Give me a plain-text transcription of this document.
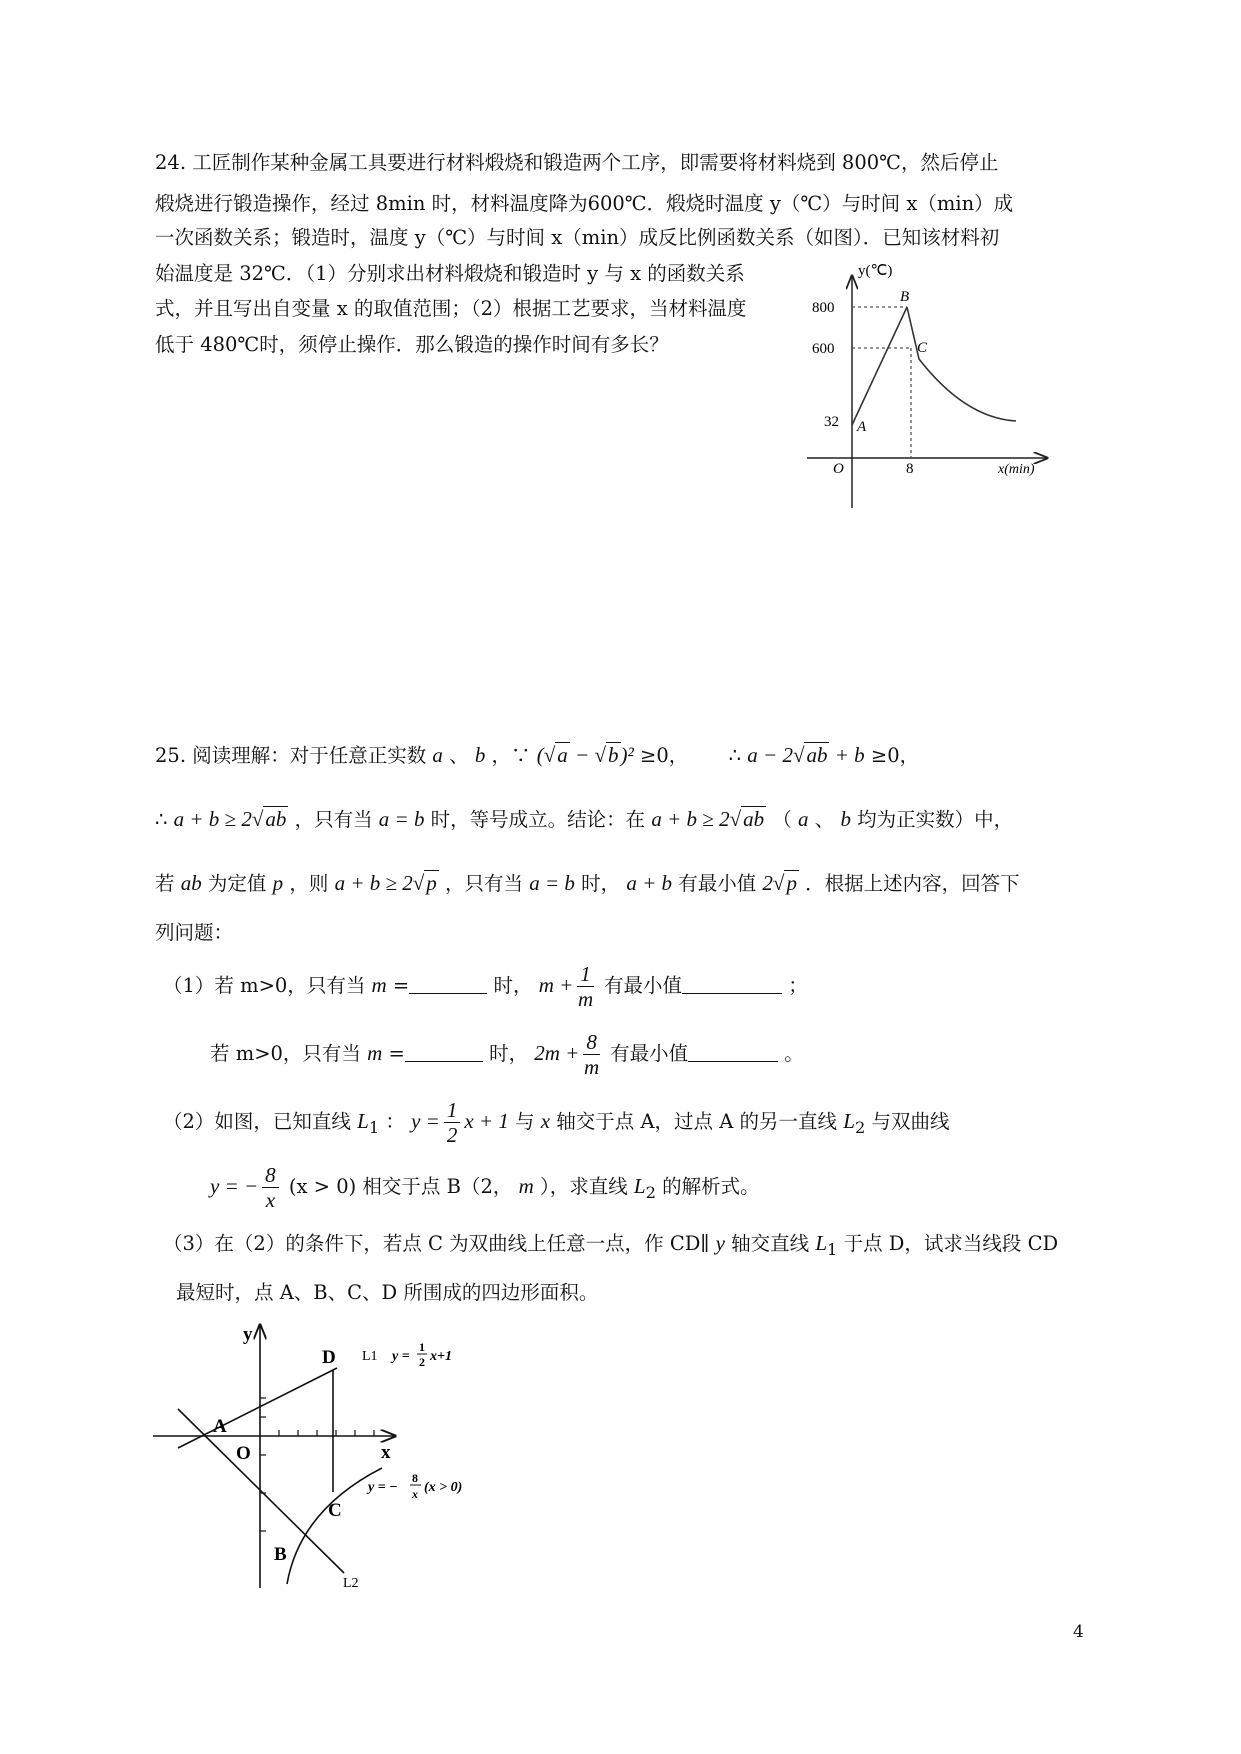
24. 工匠制作某种金属工具要进行材料煅烧和锻造两个工序，即需要将材料烧到 800℃，然后停止
煅烧进行锻造操作，经过 8min 时，材料温度降为600℃．煅烧时温度 y（℃）与时间 x（min）成
一次函数关系；锻造时，温度 y（℃）与时间 x（min）成反比例函数关系（如图）．已知该材料初
始温度是 32℃．（1）分别求出材料煅烧和锻造时 y 与 x 的函数关系
式，并且写出自变量 x 的取值范围；（2）根据工艺要求，当材料温度
低于 480℃时，须停止操作．那么锻造的操作时间有多长？
y(℃)
x(min)
O
800
600
32
8
A
B
C
25. 阅读理解：对于任意正实数 a 、 b ，∵ (√a − √b)² ≥0， ∴ a − 2√ab + b ≥0，
∴ a + b ≥ 2√ab ，只有当 a = b 时，等号成立。结论：在 a + b ≥ 2√ab （ a 、 b 均为正实数）中，
若 ab 为定值 p ，则 a + b ≥ 2√p ，只有当 a = b 时， a + b 有最小值 2√p ．根据上述内容，回答下
列问题：
（1）若 m>0，只有当 m =	时， $m + \frac{1}{m}$ 有最小值	；
若 m>0，只有当 m =	时， $2m + \frac{8}{m}$ 有最小值	。
（2）如图，已知直线 $L_1$ ： $y = \frac{1}{2}$ x + 1 与 x 轴交于点 A，过点 A 的另一直线 $L_2$ 与双曲线
y = − $\frac{8}{x} (x > 0)$ 相交于点 B（2， m ），求直线 $L_2$ 的解析式。
（3）在（2）的条件下，若点 C 为双曲线上任意一点，作 CD∥ y 轴交直线 $L_1$ 于点 D，试求当线段 CD
最短时，点 A、B、C、D 所围成的四边形面积。
y
x
O
A
B
C
D L1 y =
1
2 x+1
L2
y = −
8
x (x > 0)
4
